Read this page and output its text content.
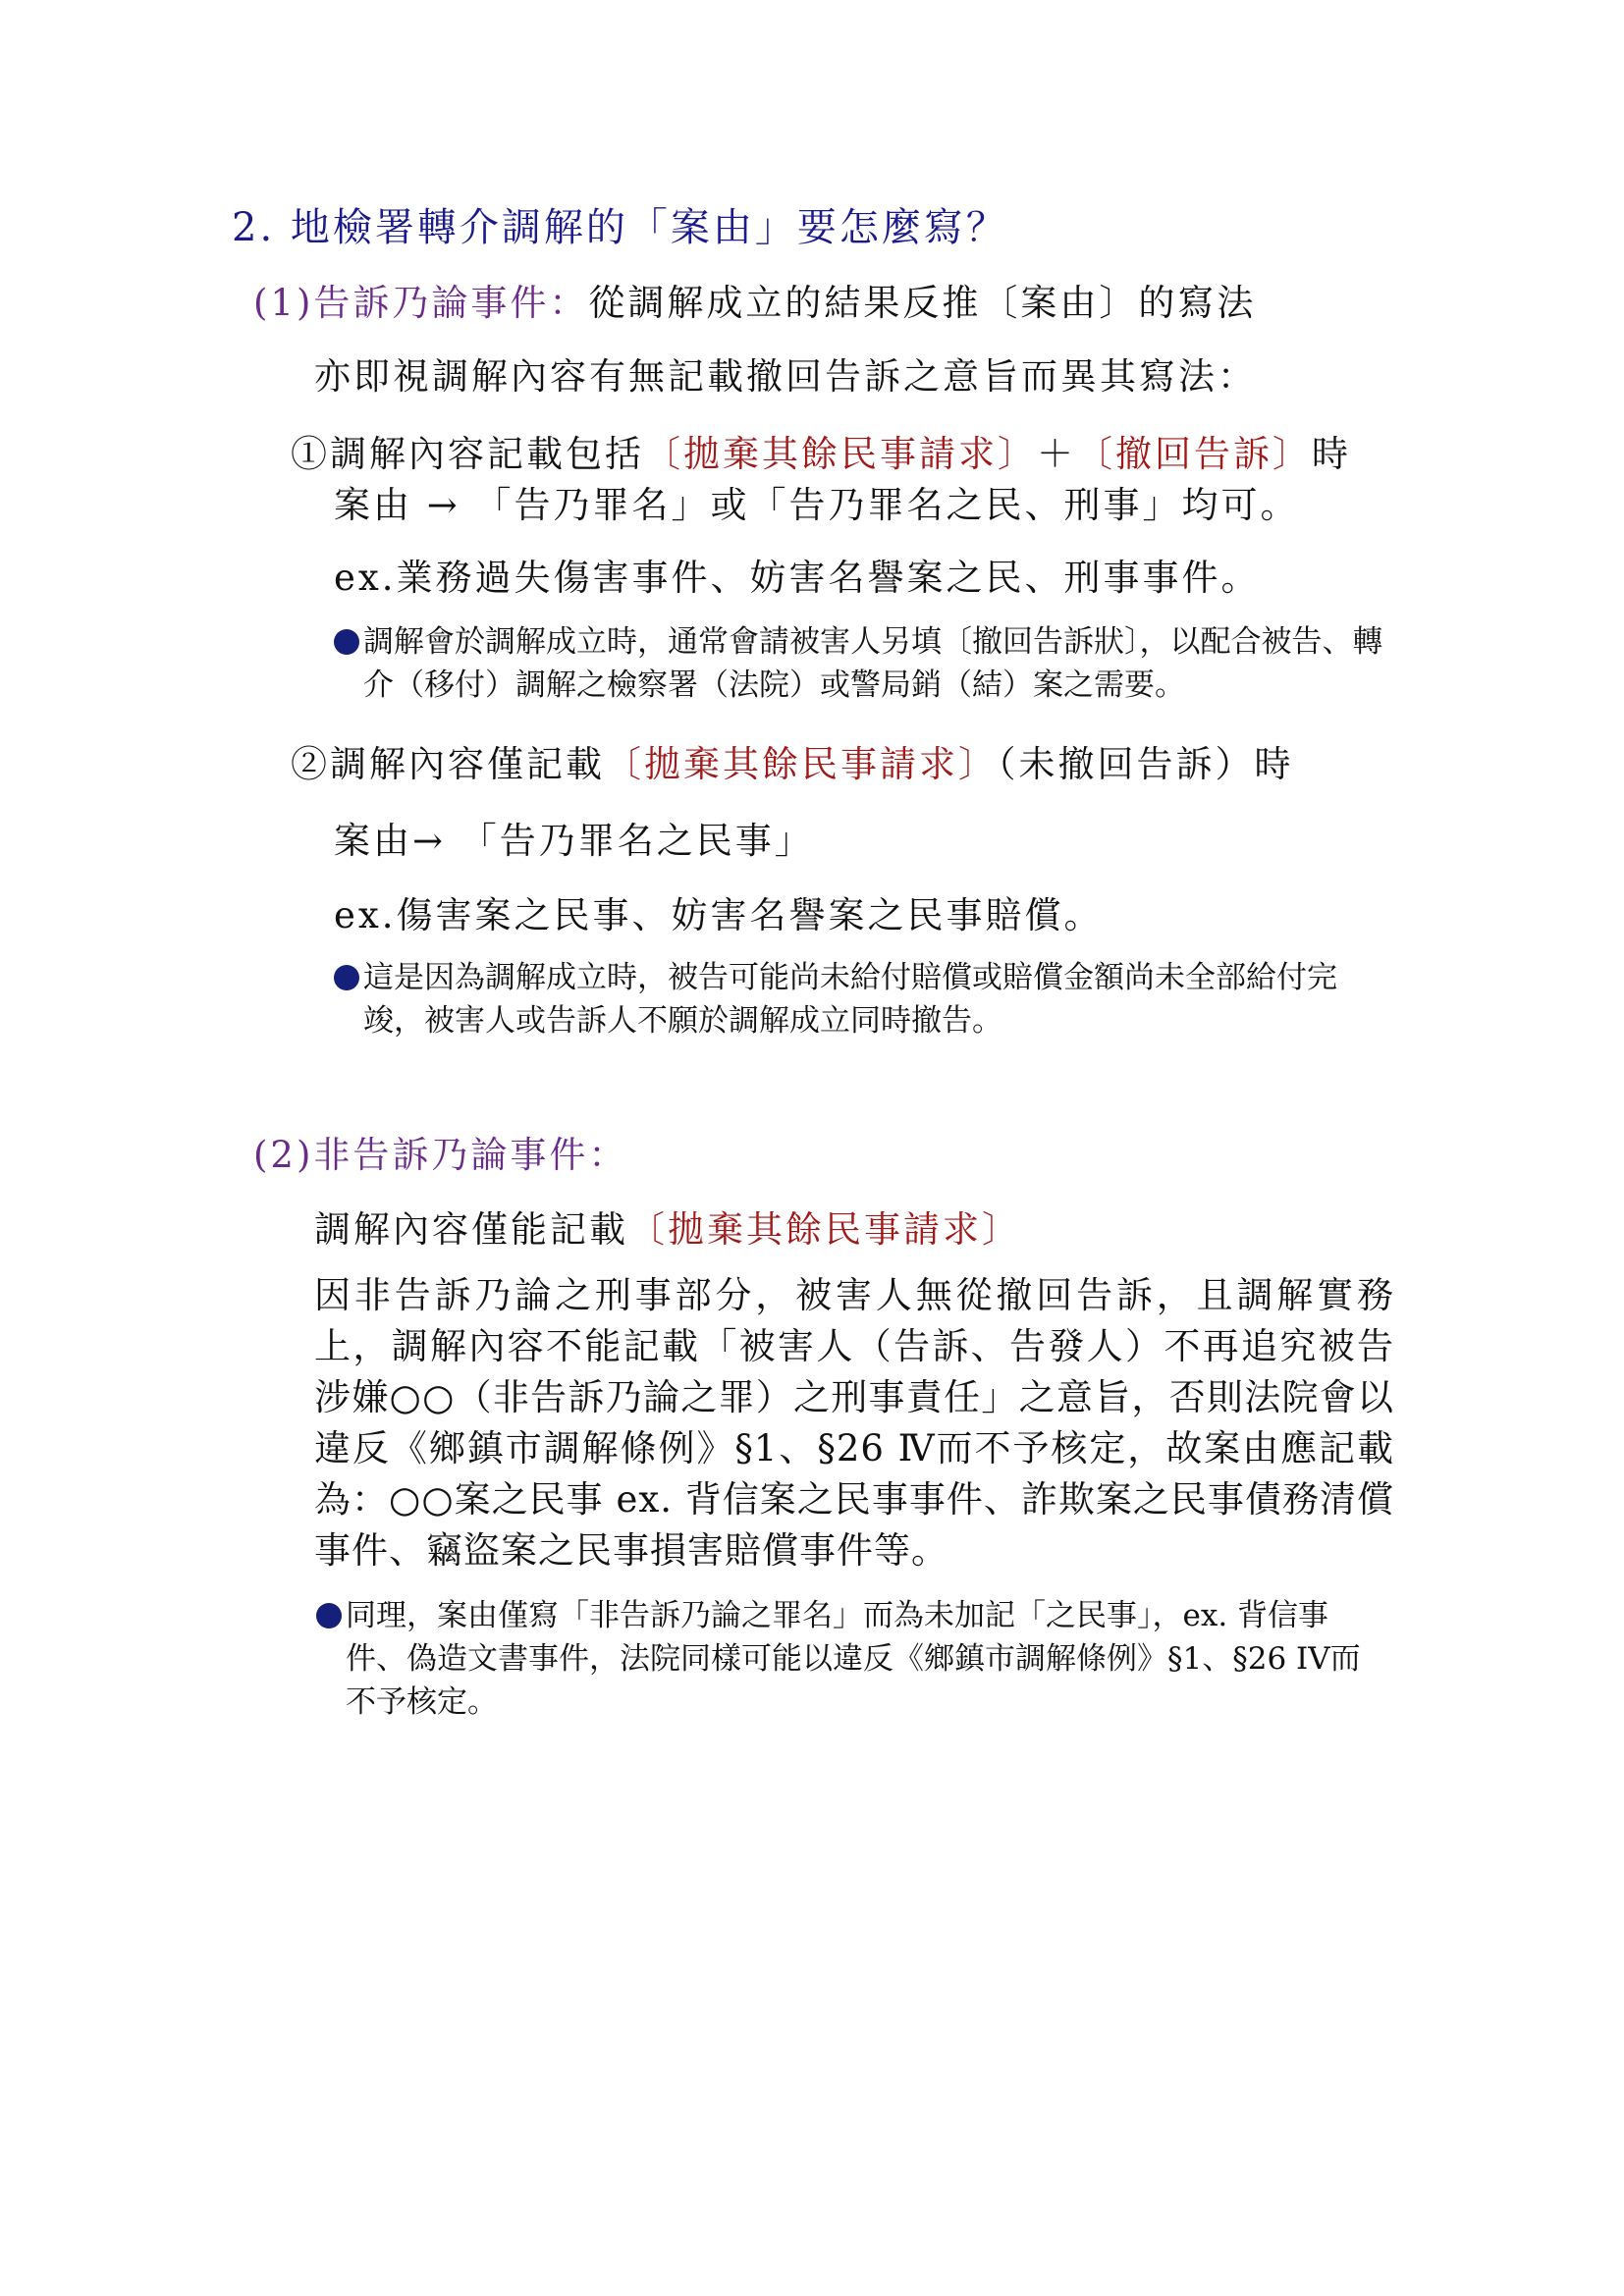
2. 地檢署轉介調解的「案由」要怎麼寫？
(1)告訴乃論事件：從調解成立的結果反推〔案由〕的寫法
亦即視調解內容有無記載撤回告訴之意旨而異其寫法：
①調解內容記載包括〔拋棄其餘民事請求〕＋〔撤回告訴〕時
案由 → 「告乃罪名」或「告乃罪名之民、刑事」均可。
ex.業務過失傷害事件、妨害名譽案之民、刑事事件。
調解會於調解成立時，通常會請被害人另填〔撤回告訴狀〕，以配合被告、轉介（移付）調解之檢察署（法院）或警局銷（結）案之需要。
②調解內容僅記載〔拋棄其餘民事請求〕（未撤回告訴）時
案由→ 「告乃罪名之民事」
ex.傷害案之民事、妨害名譽案之民事賠償。
這是因為調解成立時，被告可能尚未給付賠償或賠償金額尚未全部給付完竣，被害人或告訴人不願於調解成立同時撤告。
(2)非告訴乃論事件：
調解內容僅能記載〔拋棄其餘民事請求〕
因非告訴乃論之刑事部分，被害人無從撤回告訴，且調解實務上，調解內容不能記載「被害人（告訴、告發人）不再追究被告涉嫌○○（非告訴乃論之罪）之刑事責任」之意旨，否則法院會以違反《鄉鎮市調解條例》§1、§26 Ⅳ而不予核定，故案由應記載為：○○案之民事 ex. 背信案之民事事件、詐欺案之民事債務清償事件、竊盜案之民事損害賠償事件等。
同理，案由僅寫「非告訴乃論之罪名」而為未加記「之民事」，ex. 背信事件、偽造文書事件，法院同樣可能以違反《鄉鎮市調解條例》§1、§26 IV而不予核定。
